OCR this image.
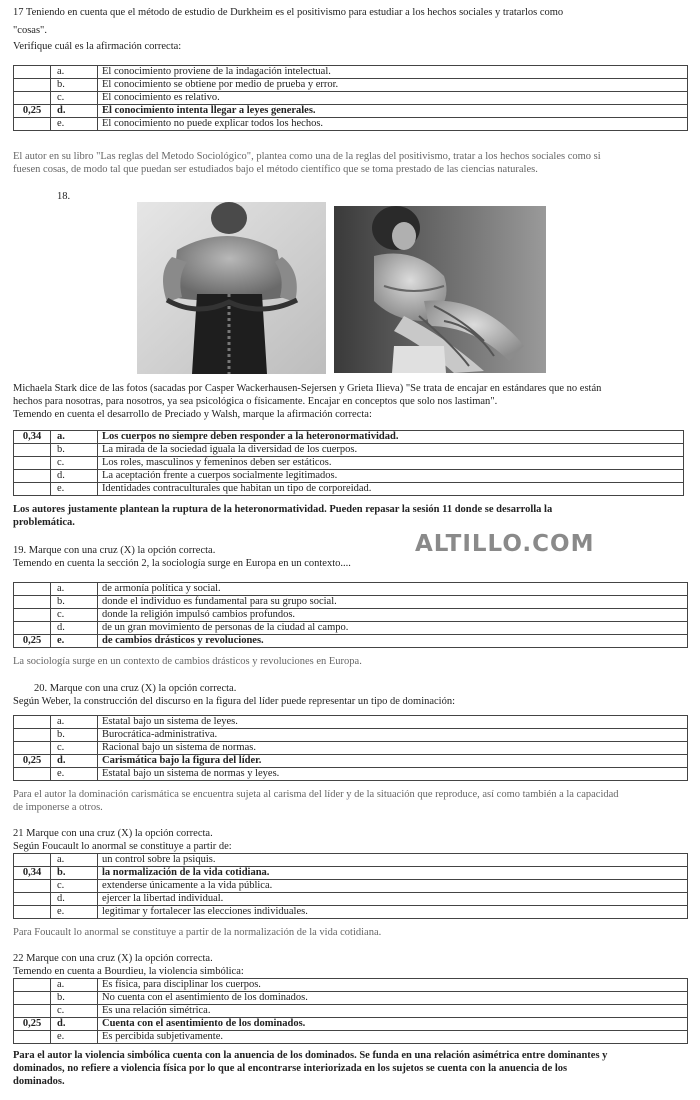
17 Teniendo en cuenta que el método de estudio de Durkheim es el positivismo para estudiar a los hechos sociales y tratarlos como
"cosas".
Verifique cuál es la afirmación correcta:
	a.	El conocimiento proviene de la indagación intelectual.
	b.	El conocimiento se obtiene por medio de prueba y error.
	c.	El conocimiento es relativo.
0,25	d.	El conocimiento intenta llegar a leyes generales.
	e.	El conocimiento no puede explicar todos los hechos.
El autor en su libro "Las reglas del Metodo Sociológico", plantea como una de la reglas del positivismo, tratar a los hechos sociales como si
fuesen cosas, de modo tal que puedan ser estudiados bajo el método científico que se toma prestado de las ciencias naturales.
18.
Michaela Stark dice de las fotos (sacadas por Casper Wackerhausen-Sejersen y Grieta Ilieva) "Se trata de encajar en estándares que no están
hechos para nosotras, para nosotros, ya sea psicológica o físicamente. Encajar en conceptos que solo nos lastiman".
Temendo en cuenta el desarrollo de Preciado y Walsh, marque la afirmación correcta:
0,34	a.	Los cuerpos no siempre deben responder a la heteronormatividad.
	b.	La mirada de la sociedad iguala la diversidad de los cuerpos.
	c.	Los roles, masculinos y femeninos deben ser estáticos.
	d.	La aceptación frente a cuerpos socialmente legitimados.
	e.	Identidades contraculturales que habitan un tipo de corporeidad.
Los autores justamente plantean la ruptura de la heteronormatividad. Pueden repasar la sesión 11 donde se desarrolla la
problemática.
19. Marque con una cruz (X) la opción correcta.
Temendo en cuenta la sección 2, la sociología surge en Europa en un contexto....
ALTILLO.COM
	a.	de armonía política y social.
	b.	donde el individuo es fundamental para su grupo social.
	c.	donde la religión impulsó cambios profundos.
	d.	de un gran movimiento de personas de la ciudad al campo.
0,25	e.	de cambios drásticos y revoluciones.
La sociología surge en un contexto de cambios drásticos y revoluciones en Europa.
20. Marque con una cruz (X) la opción correcta.
Según Weber, la construcción del discurso en la figura del líder puede representar un tipo de dominación:
	a.	Estatal bajo un sistema de leyes.
	b.	Burocrática-administrativa.
	c.	Racional bajo un sistema de normas.
0,25	d.	Carismática bajo la figura del líder.
	e.	Estatal bajo un sistema de normas y leyes.
Para el autor la dominación carismática se encuentra sujeta al carisma del líder y de la situación que reproduce, así como también a la capacidad
de imponerse a otros.
21 Marque con una cruz (X) la opción correcta.
Según Foucault lo anormal se constituye a partir de:
	a.	un control sobre la psiquis.
0,34	b.	la normalización de la vida cotidiana.
	c.	extenderse únicamente a la vida pública.
	d.	ejercer la libertad individual.
	e.	legitimar y fortalecer las elecciones individuales.
Para Foucault lo anormal se constituye a partir de la normalización de la vida cotidiana.
22 Marque con una cruz (X) la opción correcta.
Temendo en cuenta a Bourdieu, la violencia simbólica:
	a.	Es física, para disciplinar los cuerpos.
	b.	No cuenta con el asentimiento de los dominados.
	c.	Es una relación simétrica.
0,25	d.	Cuenta con el asentimiento de los dominados.
	e.	Es percibida subjetivamente.
Para el autor la violencia simbólica cuenta con la anuencia de los dominados. Se funda en una relación asimétrica entre dominantes y
dominados, no refiere a violencia física por lo que al encontrarse interiorizada en los sujetos se cuenta con la anuencia de los
dominados.
